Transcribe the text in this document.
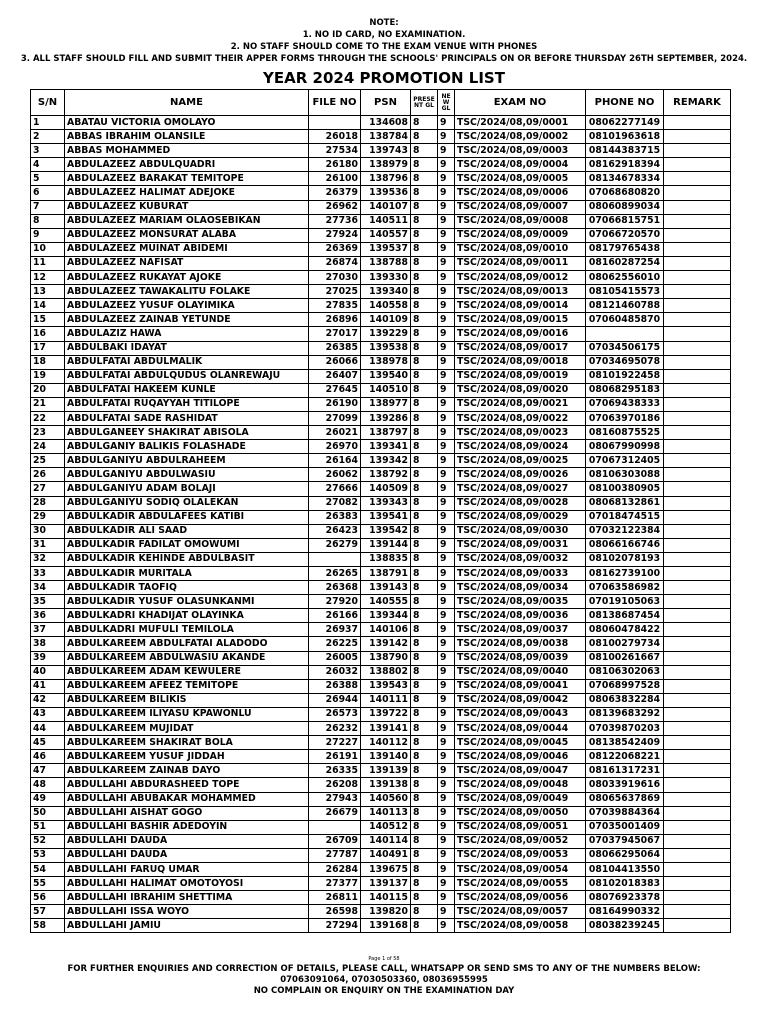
NOTE:
1. NO ID CARD, NO EXAMINATION.
2. NO STAFF SHOULD COME TO THE EXAM VENUE WITH PHONES
3. ALL STAFF SHOULD FILL AND SUBMIT THEIR APPER FORMS THROUGH THE SCHOOLS' PRINCIPALS ON OR BEFORE THURSDAY 26TH SEPTEMBER, 2024.
YEAR 2024 PROMOTION LIST
S/N	NAME	FILE NO	PSN	PRESE NT GL	NE W GL	EXAM NO	PHONE NO	REMARK
1	ABATAU VICTORIA OMOLAYO		134608	8	9	TSC/2024/08,09/0001	08062277149	
2	ABBAS IBRAHIM OLANSILE	26018	138784	8	9	TSC/2024/08,09/0002	08101963618	
3	ABBAS MOHAMMED	27534	139743	8	9	TSC/2024/08,09/0003	08144383715	
4	ABDULAZEEZ ABDULQUADRI	26180	138979	8	9	TSC/2024/08,09/0004	08162918394	
5	ABDULAZEEZ BARAKAT TEMITOPE	26100	138796	8	9	TSC/2024/08,09/0005	08134678334	
6	ABDULAZEEZ HALIMAT ADEJOKE	26379	139536	8	9	TSC/2024/08,09/0006	07068680820	
7	ABDULAZEEZ KUBURAT	26962	140107	8	9	TSC/2024/08,09/0007	08060899034	
8	ABDULAZEEZ MARIAM OLAOSEBIKAN	27736	140511	8	9	TSC/2024/08,09/0008	07066815751	
9	ABDULAZEEZ MONSURAT ALABA	27924	140557	8	9	TSC/2024/08,09/0009	07066720570	
10	ABDULAZEEZ MUINAT ABIDEMI	26369	139537	8	9	TSC/2024/08,09/0010	08179765438	
11	ABDULAZEEZ NAFISAT	26874	138788	8	9	TSC/2024/08,09/0011	08160287254	
12	ABDULAZEEZ RUKAYAT AJOKE	27030	139330	8	9	TSC/2024/08,09/0012	08062556010	
13	ABDULAZEEZ TAWAKALITU FOLAKE	27025	139340	8	9	TSC/2024/08,09/0013	08105415573	
14	ABDULAZEEZ YUSUF OLAYIMIKA	27835	140558	8	9	TSC/2024/08,09/0014	08121460788	
15	ABDULAZEEZ ZAINAB YETUNDE	26896	140109	8	9	TSC/2024/08,09/0015	07060485870	
16	ABDULAZIZ HAWA	27017	139229	8	9	TSC/2024/08,09/0016		
17	ABDULBAKI IDAYAT	26385	139538	8	9	TSC/2024/08,09/0017	07034506175	
18	ABDULFATAI ABDULMALIK	26066	138978	8	9	TSC/2024/08,09/0018	07034695078	
19	ABDULFATAI ABDULQUDUS OLANREWAJU	26407	139540	8	9	TSC/2024/08,09/0019	08101922458	
20	ABDULFATAI HAKEEM KUNLE	27645	140510	8	9	TSC/2024/08,09/0020	08068295183	
21	ABDULFATAI RUQAYYAH TITILOPE	26190	138977	8	9	TSC/2024/08,09/0021	07069438333	
22	ABDULFATAI SADE RASHIDAT	27099	139286	8	9	TSC/2024/08,09/0022	07063970186	
23	ABDULGANEEY SHAKIRAT ABISOLA	26021	138797	8	9	TSC/2024/08,09/0023	08160875525	
24	ABDULGANIY BALIKIS FOLASHADE	26970	139341	8	9	TSC/2024/08,09/0024	08067990998	
25	ABDULGANIYU ABDULRAHEEM	26164	139342	8	9	TSC/2024/08,09/0025	07067312405	
26	ABDULGANIYU ABDULWASIU	26062	138792	8	9	TSC/2024/08,09/0026	08106303088	
27	ABDULGANIYU ADAM BOLAJI	27666	140509	8	9	TSC/2024/08,09/0027	08100380905	
28	ABDULGANIYU SODIQ OLALEKAN	27082	139343	8	9	TSC/2024/08,09/0028	08068132861	
29	ABDULKADIR ABDULAFEES KATIBI	26383	139541	8	9	TSC/2024/08,09/0029	07018474515	
30	ABDULKADIR ALI SAAD	26423	139542	8	9	TSC/2024/08,09/0030	07032122384	
31	ABDULKADIR FADILAT OMOWUMI	26279	139144	8	9	TSC/2024/08,09/0031	08066166746	
32	ABDULKADIR KEHINDE ABDULBASIT		138835	8	9	TSC/2024/08,09/0032	08102078193	
33	ABDULKADIR MURITALA	26265	138791	8	9	TSC/2024/08,09/0033	08162739100	
34	ABDULKADIR TAOFIQ	26368	139143	8	9	TSC/2024/08,09/0034	07063586982	
35	ABDULKADIR YUSUF OLASUNKANMI	27920	140555	8	9	TSC/2024/08,09/0035	07019105063	
36	ABDULKADRI KHADIJAT OLAYINKA	26166	139344	8	9	TSC/2024/08,09/0036	08138687454	
37	ABDULKADRI MUFULI TEMILOLA	26937	140106	8	9	TSC/2024/08,09/0037	08060478422	
38	ABDULKAREEM ABDULFATAI ALADODO	26225	139142	8	9	TSC/2024/08,09/0038	08100279734	
39	ABDULKAREEM ABDULWASIU AKANDE	26005	138790	8	9	TSC/2024/08,09/0039	08100261667	
40	ABDULKAREEM ADAM KEWULERE	26032	138802	8	9	TSC/2024/08,09/0040	08106302063	
41	ABDULKAREEM AFEEZ TEMITOPE	26388	139543	8	9	TSC/2024/08,09/0041	07068997528	
42	ABDULKAREEM BILIKIS	26944	140111	8	9	TSC/2024/08,09/0042	08063832284	
43	ABDULKAREEM ILIYASU KPAWONLU	26573	139722	8	9	TSC/2024/08,09/0043	08139683292	
44	ABDULKAREEM MUJIDAT	26232	139141	8	9	TSC/2024/08,09/0044	07039870203	
45	ABDULKAREEM SHAKIRAT BOLA	27227	140112	8	9	TSC/2024/08,09/0045	08138542409	
46	ABDULKAREEM YUSUF JIDDAH	26191	139140	8	9	TSC/2024/08,09/0046	08122068221	
47	ABDULKAREEM ZAINAB DAYO	26335	139139	8	9	TSC/2024/08,09/0047	08161317231	
48	ABDULLAHI ABDURASHEED TOPE	26208	139138	8	9	TSC/2024/08,09/0048	08033919616	
49	ABDULLAHI ABUBAKAR MOHAMMED	27943	140560	8	9	TSC/2024/08,09/0049	08065637869	
50	ABDULLAHI AISHAT GOGO	26679	140113	8	9	TSC/2024/08,09/0050	07039884364	
51	ABDULLAHI BASHIR ADEDOYIN		140512	8	9	TSC/2024/08,09/0051	07035001409	
52	ABDULLAHI DAUDA	26709	140114	8	9	TSC/2024/08,09/0052	07037945067	
53	ABDULLAHI DAUDA	27787	140491	8	9	TSC/2024/08,09/0053	08066295064	
54	ABDULLAHI FARUQ UMAR	26284	139675	8	9	TSC/2024/08,09/0054	08104413550	
55	ABDULLAHI HALIMAT OMOTOYOSI	27377	139137	8	9	TSC/2024/08,09/0055	08102018383	
56	ABDULLAHI IBRAHIM SHETTIMA	26811	140115	8	9	TSC/2024/08,09/0056	08076923378	
57	ABDULLAHI ISSA WOYO	26598	139820	8	9	TSC/2024/08,09/0057	08164990332	
58	ABDULLAHI JAMIU	27294	139168	8	9	TSC/2024/08,09/0058	08038239245	
Page 1 of 58
FOR FURTHER ENQUIRIES AND CORRECTION OF DETAILS, PLEASE CALL, WHATSAPP OR SEND SMS TO ANY OF THE NUMBERS BELOW:
07063091064, 07030503360, 08036955995
NO COMPLAIN OR ENQUIRY ON THE EXAMINATION DAY
